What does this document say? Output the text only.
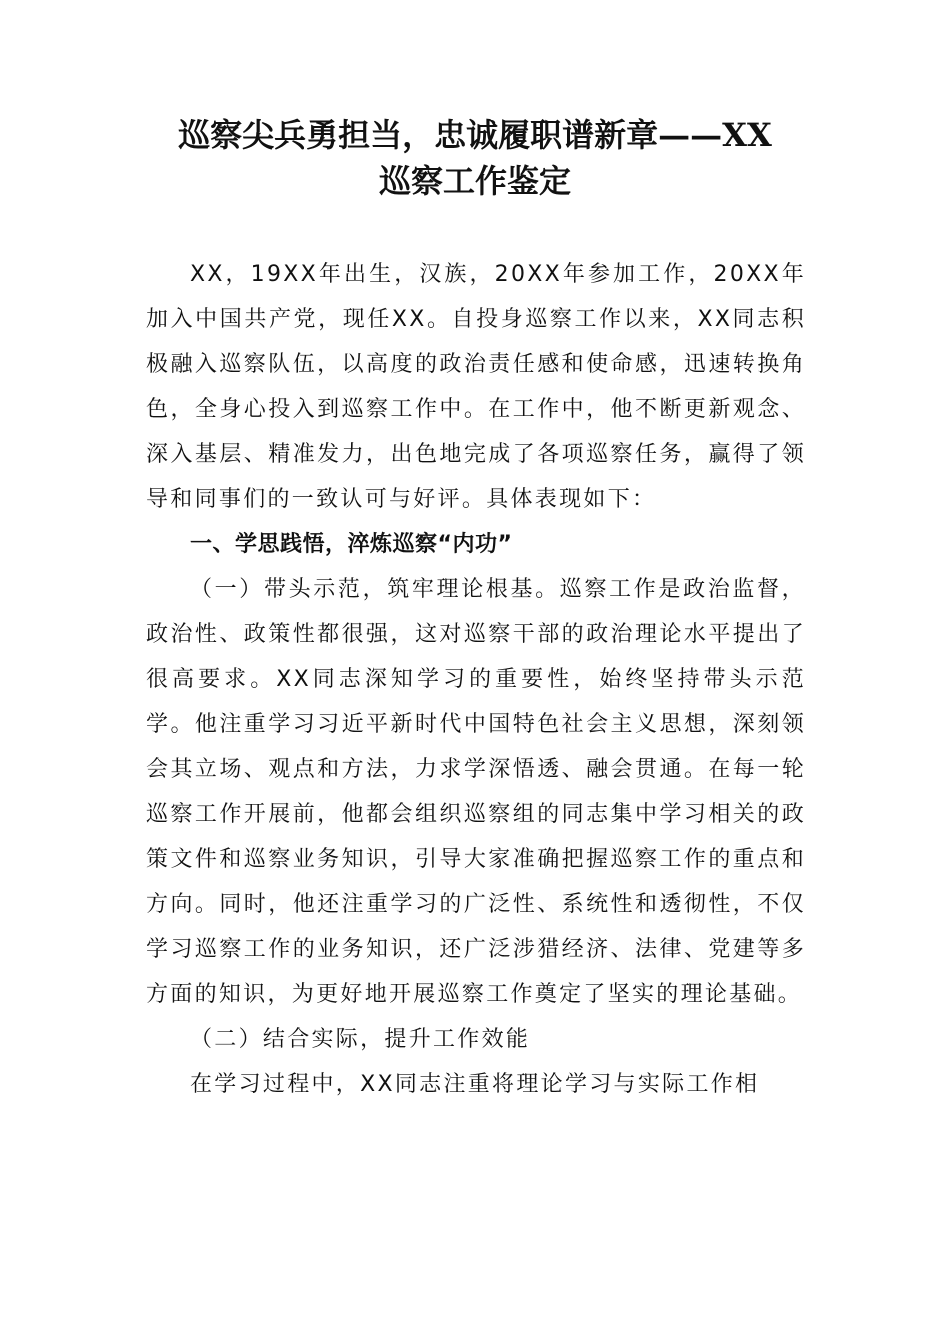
巡察尖兵勇担当，忠诚履职谱新章——XX
巡察工作鉴定

XX，19XX年出生，汉族，20XX年参加工作，20XX年加入中国共产党，现任XX。自投身巡察工作以来，XX同志积极融入巡察队伍，以高度的政治责任感和使命感，迅速转换角色，全身心投入到巡察工作中。在工作中，他不断更新观念、深入基层、精准发力，出色地完成了各项巡察任务，赢得了领导和同事们的一致认可与好评。具体表现如下：

一、学思践悟，淬炼巡察“内功”

（一）带头示范，筑牢理论根基。巡察工作是政治监督，政治性、政策性都很强，这对巡察干部的政治理论水平提出了很高要求。XX同志深知学习的重要性，始终坚持带头示范学。他注重学习习近平新时代中国特色社会主义思想，深刻领会其立场、观点和方法，力求学深悟透、融会贯通。在每一轮巡察工作开展前，他都会组织巡察组的同志集中学习相关的政策文件和巡察业务知识，引导大家准确把握巡察工作的重点和方向。同时，他还注重学习的广泛性、系统性和透彻性，不仅学习巡察工作的业务知识，还广泛涉猎经济、法律、党建等多方面的知识，为更好地开展巡察工作奠定了坚实的理论基础。

（二）结合实际，提升工作效能

在学习过程中，XX同志注重将理论学习与实际工作相
